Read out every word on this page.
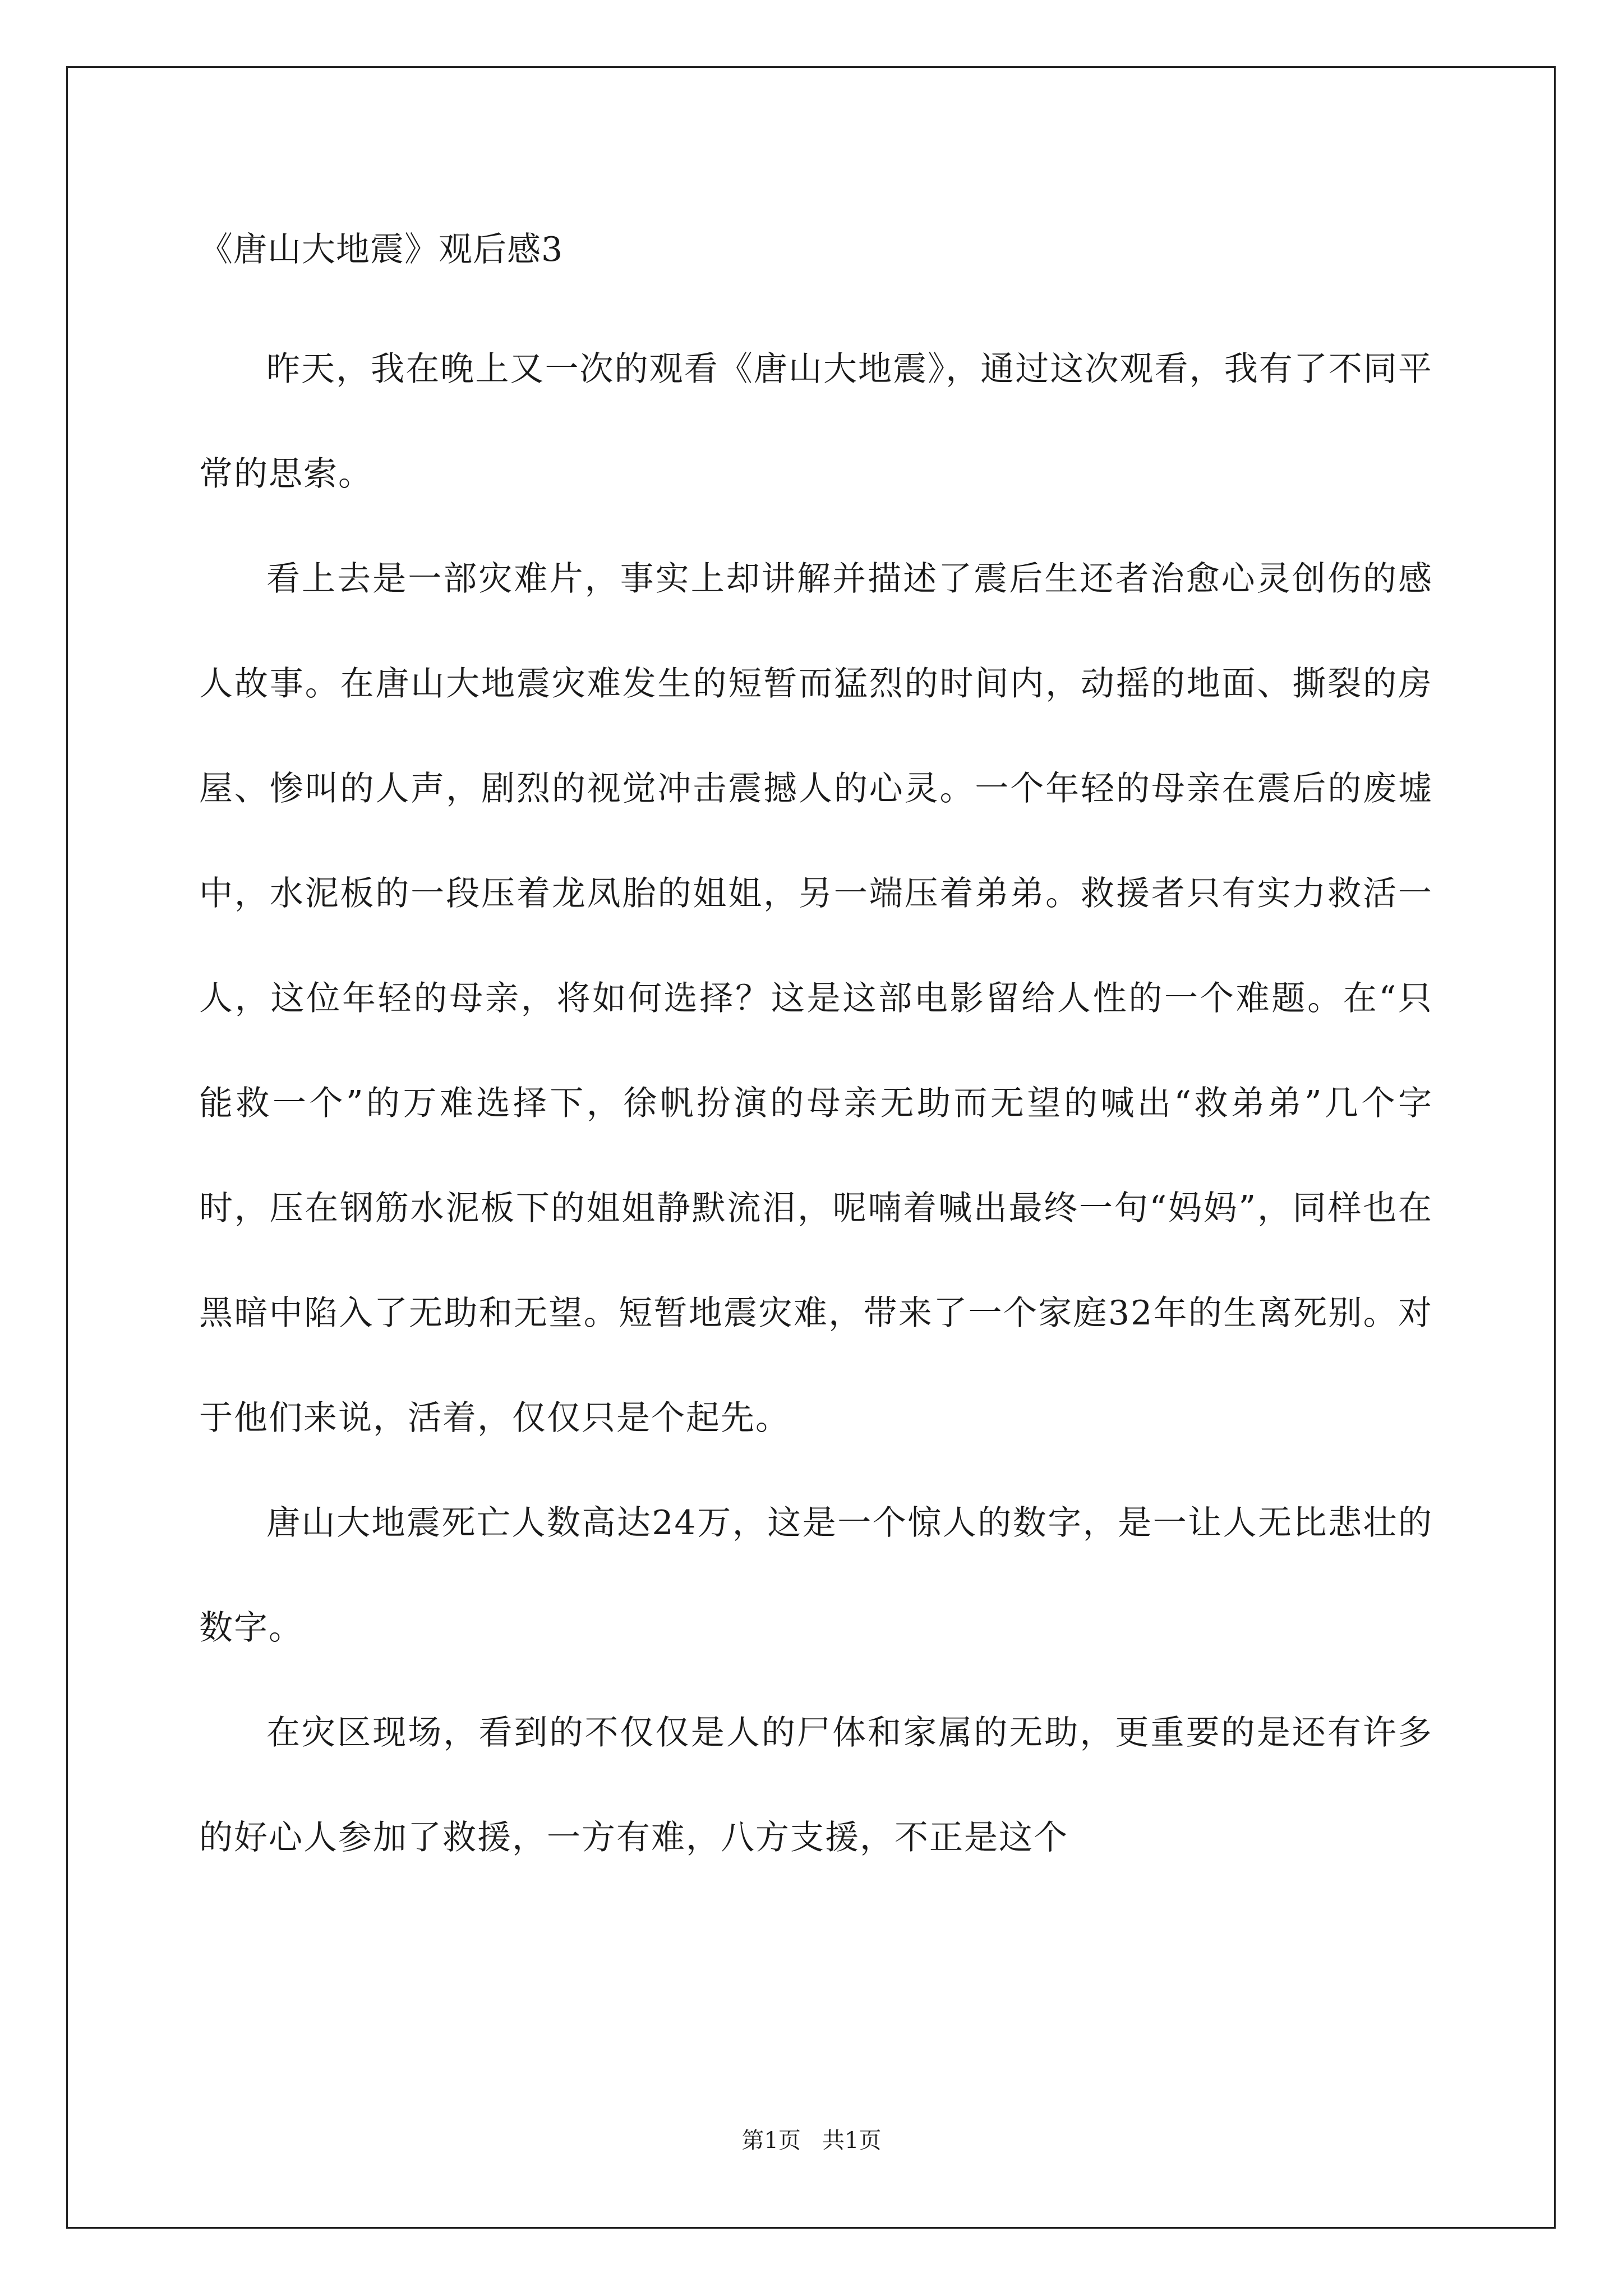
《唐山大地震》观后感3

昨天，我在晚上又一次的观看《唐山大地震》，通过这次观看，我有了不同平常的思索。

看上去是一部灾难片，事实上却讲解并描述了震后生还者治愈心灵创伤的感人故事。在唐山大地震灾难发生的短暂而猛烈的时间内，动摇的地面、撕裂的房屋、惨叫的人声，剧烈的视觉冲击震撼人的心灵。一个年轻的母亲在震后的废墟中，水泥板的一段压着龙凤胎的姐姐，另一端压着弟弟。救援者只有实力救活一人，这位年轻的母亲，将如何选择？这是这部电影留给人性的一个难题。在“只能救一个”的万难选择下，徐帆扮演的母亲无助而无望的喊出“救弟弟”几个字时，压在钢筋水泥板下的姐姐静默流泪，呢喃着喊出最终一句“妈妈”，同样也在黑暗中陷入了无助和无望。短暂地震灾难，带来了一个家庭32年的生离死别。对于他们来说，活着，仅仅只是个起先。

唐山大地震死亡人数高达24万，这是一个惊人的数字，是一让人无比悲壮的数字。

在灾区现场，看到的不仅仅是人的尸体和家属的无助，更重要的是还有许多的好心人参加了救援，一方有难，八方支援，不正是这个

第1页   共1页
